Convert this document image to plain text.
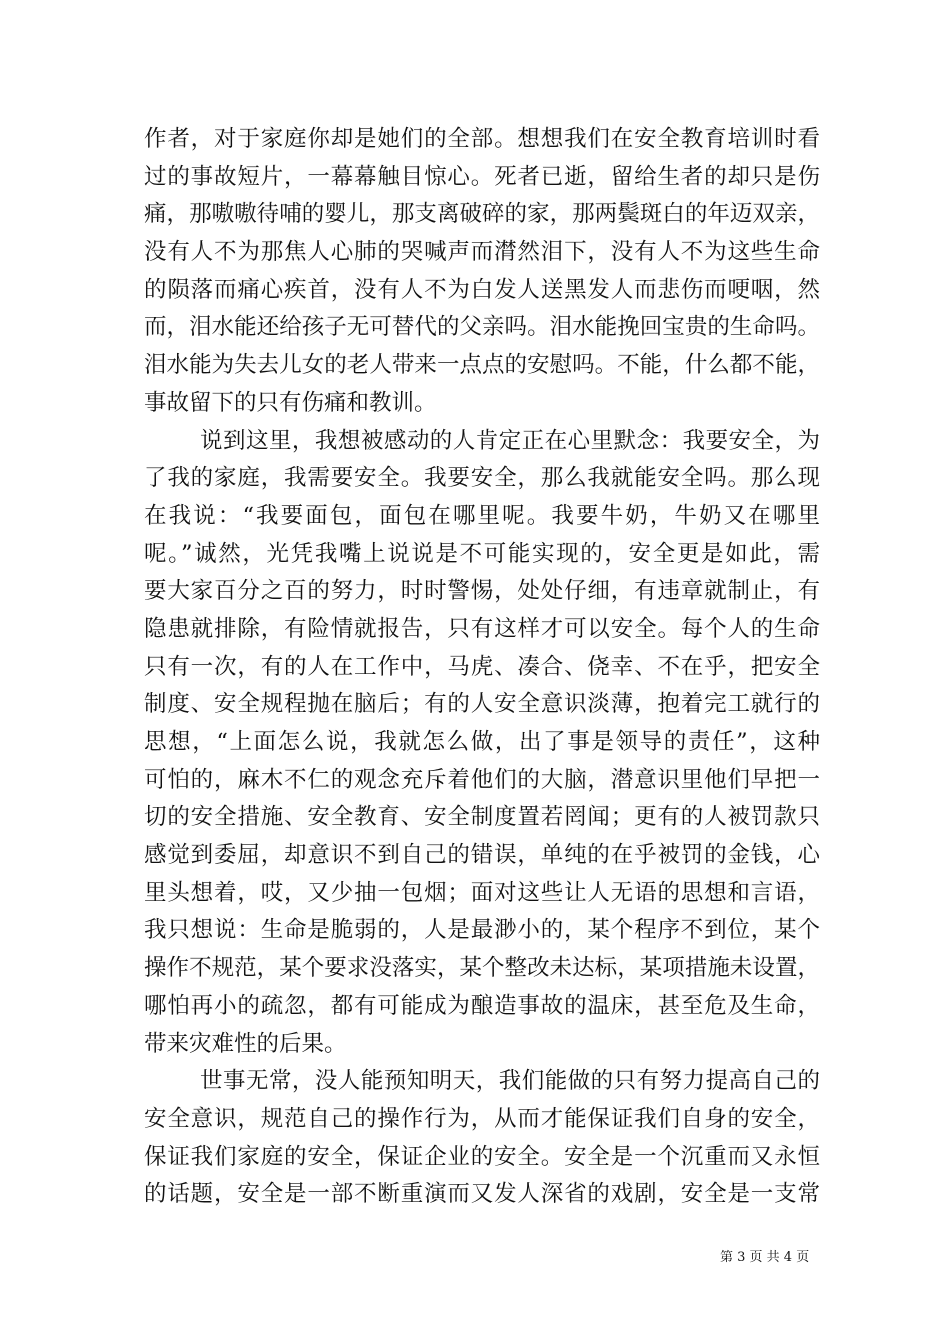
作者，对于家庭你却是她们的全部。想想我们在安全教育培训时看
过的事故短片，一幕幕触目惊心。死者已逝，留给生者的却只是伤
痛，那嗷嗷待哺的婴儿，那支离破碎的家，那两鬓斑白的年迈双亲，
没有人不为那焦人心肺的哭喊声而潸然泪下，没有人不为这些生命
的陨落而痛心疾首，没有人不为白发人送黑发人而悲伤而哽咽，然
而，泪水能还给孩子无可替代的父亲吗。泪水能挽回宝贵的生命吗。
泪水能为失去儿女的老人带来一点点的安慰吗。不能，什么都不能，
事故留下的只有伤痛和教训。
说到这里，我想被感动的人肯定正在心里默念：我要安全，为
了我的家庭，我需要安全。我要安全，那么我就能安全吗。那么现
在我说：“我要面包，面包在哪里呢。我要牛奶，牛奶又在哪里
呢。”诚然，光凭我嘴上说说是不可能实现的，安全更是如此，需
要大家百分之百的努力，时时警惕，处处仔细，有违章就制止，有
隐患就排除，有险情就报告，只有这样才可以安全。每个人的生命
只有一次，有的人在工作中，马虎、凑合、侥幸、不在乎，把安全
制度、安全规程抛在脑后；有的人安全意识淡薄，抱着完工就行的
思想，“上面怎么说，我就怎么做，出了事是领导的责任”，这种
可怕的，麻木不仁的观念充斥着他们的大脑，潜意识里他们早把一
切的安全措施、安全教育、安全制度置若罔闻；更有的人被罚款只
感觉到委屈，却意识不到自己的错误，单纯的在乎被罚的金钱，心
里头想着，哎，又少抽一包烟；面对这些让人无语的思想和言语，
我只想说：生命是脆弱的，人是最渺小的，某个程序不到位，某个
操作不规范，某个要求没落实，某个整改未达标，某项措施未设置，
哪怕再小的疏忽，都有可能成为酿造事故的温床，甚至危及生命，
带来灾难性的后果。
世事无常，没人能预知明天，我们能做的只有努力提高自己的
安全意识，规范自己的操作行为，从而才能保证我们自身的安全，
保证我们家庭的安全，保证企业的安全。安全是一个沉重而又永恒
的话题，安全是一部不断重演而又发人深省的戏剧，安全是一支常
第 3 页 共 4 页
